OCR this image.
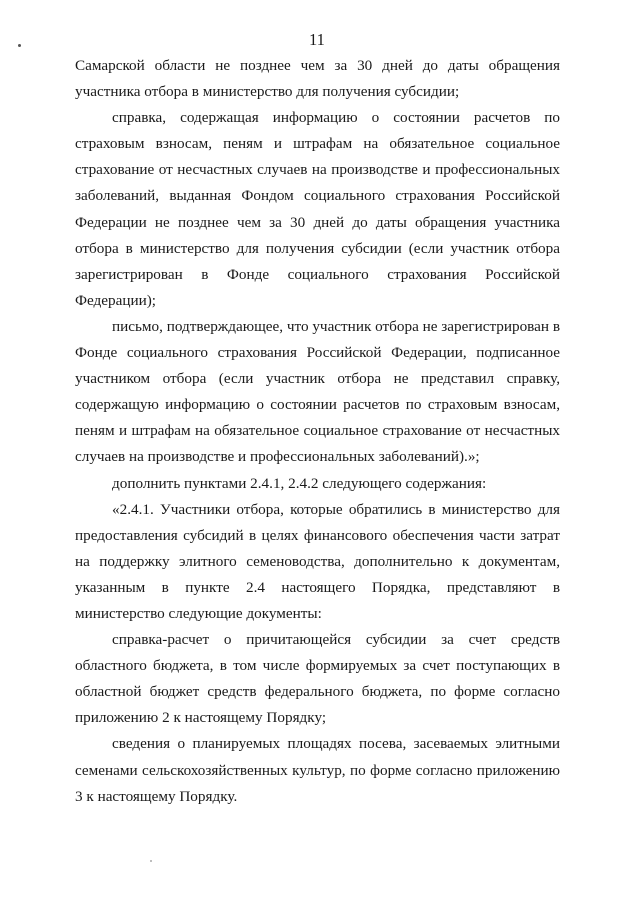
11

Самарской области не позднее чем за 30 дней до даты обращения участника отбора в министерство для получения субсидии;

справка, содержащая информацию о состоянии расчетов по страховым взносам, пеням и штрафам на обязательное социальное страхование от несчастных случаев на производстве и профессиональных заболеваний, выданная Фондом социального страхования Российской Федерации не позднее чем за 30 дней до даты обращения участника отбора в министерство для получения субсидии (если участник отбора зарегистрирован в Фонде социального страхования Российской Федерации);

письмо, подтверждающее, что участник отбора не зарегистрирован в Фонде социального страхования Российской Федерации, подписанное участником отбора (если участник отбора не представил справку, содержащую информацию о состоянии расчетов по страховым взносам, пеням и штрафам на обязательное социальное страхование от несчастных случаев на производстве и профессиональных заболеваний).»;

дополнить пунктами 2.4.1, 2.4.2 следующего содержания:

«2.4.1. Участники отбора, которые обратились в министерство для предоставления субсидий в целях финансового обеспечения части затрат на поддержку элитного семеноводства, дополнительно к документам, указанным в пункте 2.4 настоящего Порядка, представляют в министерство следующие документы:

справка-расчет о причитающейся субсидии за счет средств областного бюджета, в том числе формируемых за счет поступающих в областной бюджет средств федерального бюджета, по форме согласно приложению 2 к настоящему Порядку;

сведения о планируемых площадях посева, засеваемых элитными семенами сельскохозяйственных культур, по форме согласно приложению 3 к настоящему Порядку.
